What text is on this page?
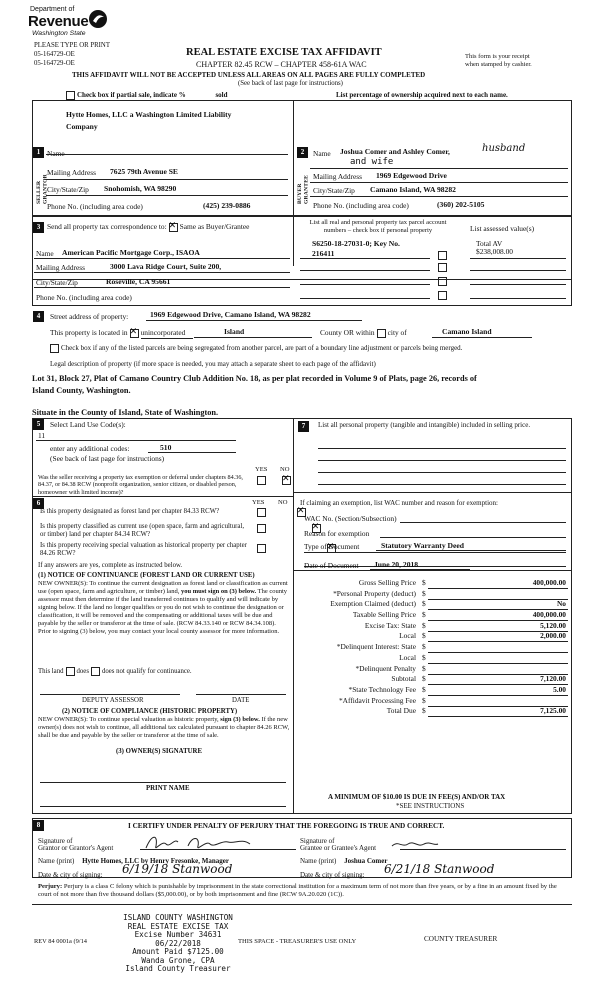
Department of
Revenue
Washington State
PLEASE TYPE OR PRINT
05-164729-OE
05-164729-OE
REAL ESTATE EXCISE TAX AFFIDAVIT
CHAPTER 82.45 RCW – CHAPTER 458-61A WAC
This form is your receipt
when stamped by cashier.
THIS AFFIDAVIT WILL NOT BE ACCEPTED UNLESS ALL AREAS ON ALL PAGES ARE FULLY COMPLETED
(See back of last page for instructions)
Check box if partial sale, indicate %	sold	List percentage of ownership acquired next to each name.
1
SELLER GRANTOR
Name
Hytte Homes, LLC a Washington Limited Liability
Company
Mailing Address 7625 79th Avenue SE
City/State/Zip Snohomish, WA 98290
Phone No. (including area code)	(425) 239-0886
2
BUYER GRANTEE
Name Joshua Comer and Ashley Comer,	husband
and wife
Mailing Address 1969 Edgewood Drive
City/State/Zip Camano Island, WA 98282
Phone No. (including area code)	(360) 202-5105
3 Send all property tax correspondence to: ✕ Same as Buyer/Grantee
Name American Pacific Mortgage Corp., ISAOA
Mailing Address	3000 Lava Ridge Court, Suite 200,
List all real and personal property tax parcel account numbers – check box if personal property	List assessed value(s)
S6250-18-27031-0; Key No.
216411
Total AV
$238,008.00
City/State/Zip	Roseville, CA 95661
Phone No. (including area code)
4	Street address of property:	1969 Edgewood Drive, Camano Island, WA 98282
This property is located in ✕ unincorporated	Island	County OR within city of	Camano Island
Check box if any of the listed parcels are being segregated from another parcel, are part of a boundary line adjustment or parcels being merged.
Legal description of property (if more space is needed, you may attach a separate sheet to each page of the affidavit)
Lot 31, Block 27, Plat of Camano Country Club Addition No. 18, as per plat recorded in Volume 9 of Plats, page 26, records of
Island County, Washington.
Situate in the County of Island, State of Washington.
5	Select Land Use Code(s):
11
enter any additional codes:	510
(See back of last page for instructions)
YES NO
Was the seller receiving a property tax exemption or deferral under chapters 84.36, 84.37, or 84.38 RCW (nonprofit organization, senior citizen, or disabled person, homeowner with limited income)?
✕
6	YES NO
Is this property designated as forest land per chapter 84.33 RCW?
✕
Is this property classified as current use (open space, farm and agricultural, or timber) land per chapter 84.34 RCW?
✕
Is this property receiving special valuation as historical property per chapter 84.26 RCW?
✕
If any answers are yes, complete as instructed below.
(1) NOTICE OF CONTINUANCE (FOREST LAND OR CURRENT USE)
NEW OWNER(S): To continue the current designation as forest land or classification as current use (open space, farm and agriculture, or timber) land, you must sign on (3) below. The county assessor must then determine if the land transferred continues to qualify and will indicate by signing below. If the land no longer qualifies or you do not wish to continue the designation or classification, it will be removed and the compensating or additional taxes will be due and payable by the seller or transferor at the time of sale. (RCW 84.33.140 or RCW 84.34.108). Prior to signing (3) below, you may contact your local county assessor for more information.
This land does does not qualify for continuance.
DEPUTY ASSESSOR	DATE
(2) NOTICE OF COMPLIANCE (HISTORIC PROPERTY)
NEW OWNER(S): To continue special valuation as historic property, sign (3) below. If the new owner(s) does not wish to continue, all additional tax calculated pursuant to chapter 84.26 RCW, shall be due and payable by the seller or transferor at the time of sale.
(3) OWNER(S) SIGNATURE
PRINT NAME
7	List all personal property (tangible and intangible) included in selling price.
If claiming an exemption, list WAC number and reason for exemption:
WAC No. (Section/Subsection)
Reason for exemption
Type of Document	Statutory Warranty Deed
Date of Document June 20, 2018
Gross Selling Price $	400,000.00
*Personal Property (deduct) $
Exemption Claimed (deduct) $	No
Taxable Selling Price $	400,000.00
Excise Tax: State $	5,120.00
Local $	2,000.00
*Delinquent Interest: State $
Local $
*Delinquent Penalty $
Subtotal $	7,120.00
*State Technology Fee $	5.00
*Affidavit Processing Fee $
Total Due $	7,125.00
A MINIMUM OF $10.00 IS DUE IN FEE(S) AND/OR TAX
*SEE INSTRUCTIONS
8	I CERTIFY UNDER PENALTY OF PERJURY THAT THE FOREGOING IS TRUE AND CORRECT.
Signature of
Grantor or Grantor's Agent
Signature of
Grantee or Grantee's Agent
Name (print) Hytte Homes, LLC by Henry Fresonke, Manager	Name (print) Joshua Comer
Date & city of signing: 6/19/18 Stanwood	Date & city of signing: 6/21/18 Stanwood
Perjury: Perjury is a class C felony which is punishable by imprisonment in the state correctional institution for a maximum term of not more than five years, or by a fine in an amount fixed by the court of not more than five thousand dollars ($5,000.00), or by both imprisonment and fine (RCW 9A.20.020 (1C)).
ISLAND COUNTY WASHINGTON
REAL ESTATE EXCISE TAX
Excise Number 34631
06/22/2018
Amount Paid $7125.00
Wanda Grone, CPA
Island County Treasurer
REV 84 0001a (9/14	THIS SPACE - TREASURER'S USE ONLY	COUNTY TREASURER
